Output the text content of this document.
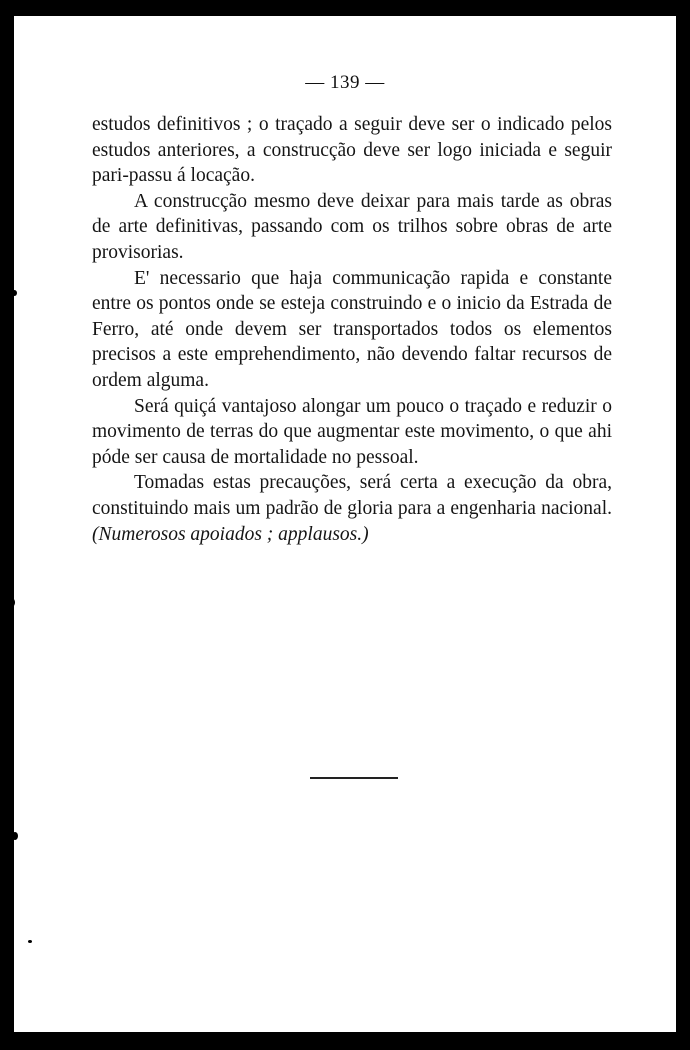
— 139 —

estudos definitivos ; o traçado a seguir deve ser o indicado pelos estudos anteriores, a construcção deve ser logo iniciada e seguir pari-passu á locação.

A construcção mesmo deve deixar para mais tarde as obras de arte definitivas, passando com os trilhos sobre obras de arte provisorias.

E' necessario que haja communicação rapida e constante entre os pontos onde se esteja construindo e o inicio da Estrada de Ferro, até onde devem ser transportados todos os elementos precisos a este emprehendimento, não devendo faltar recursos de ordem alguma.

Será quiçá vantajoso alongar um pouco o traçado e reduzir o movimento de terras do que augmentar este movimento, o que ahi póde ser causa de mortalidade no pessoal.

Tomadas estas precauções, será certa a execução da obra, constituindo mais um padrão de gloria para a engenharia nacional. (Numerosos apoiados ; applausos.)
